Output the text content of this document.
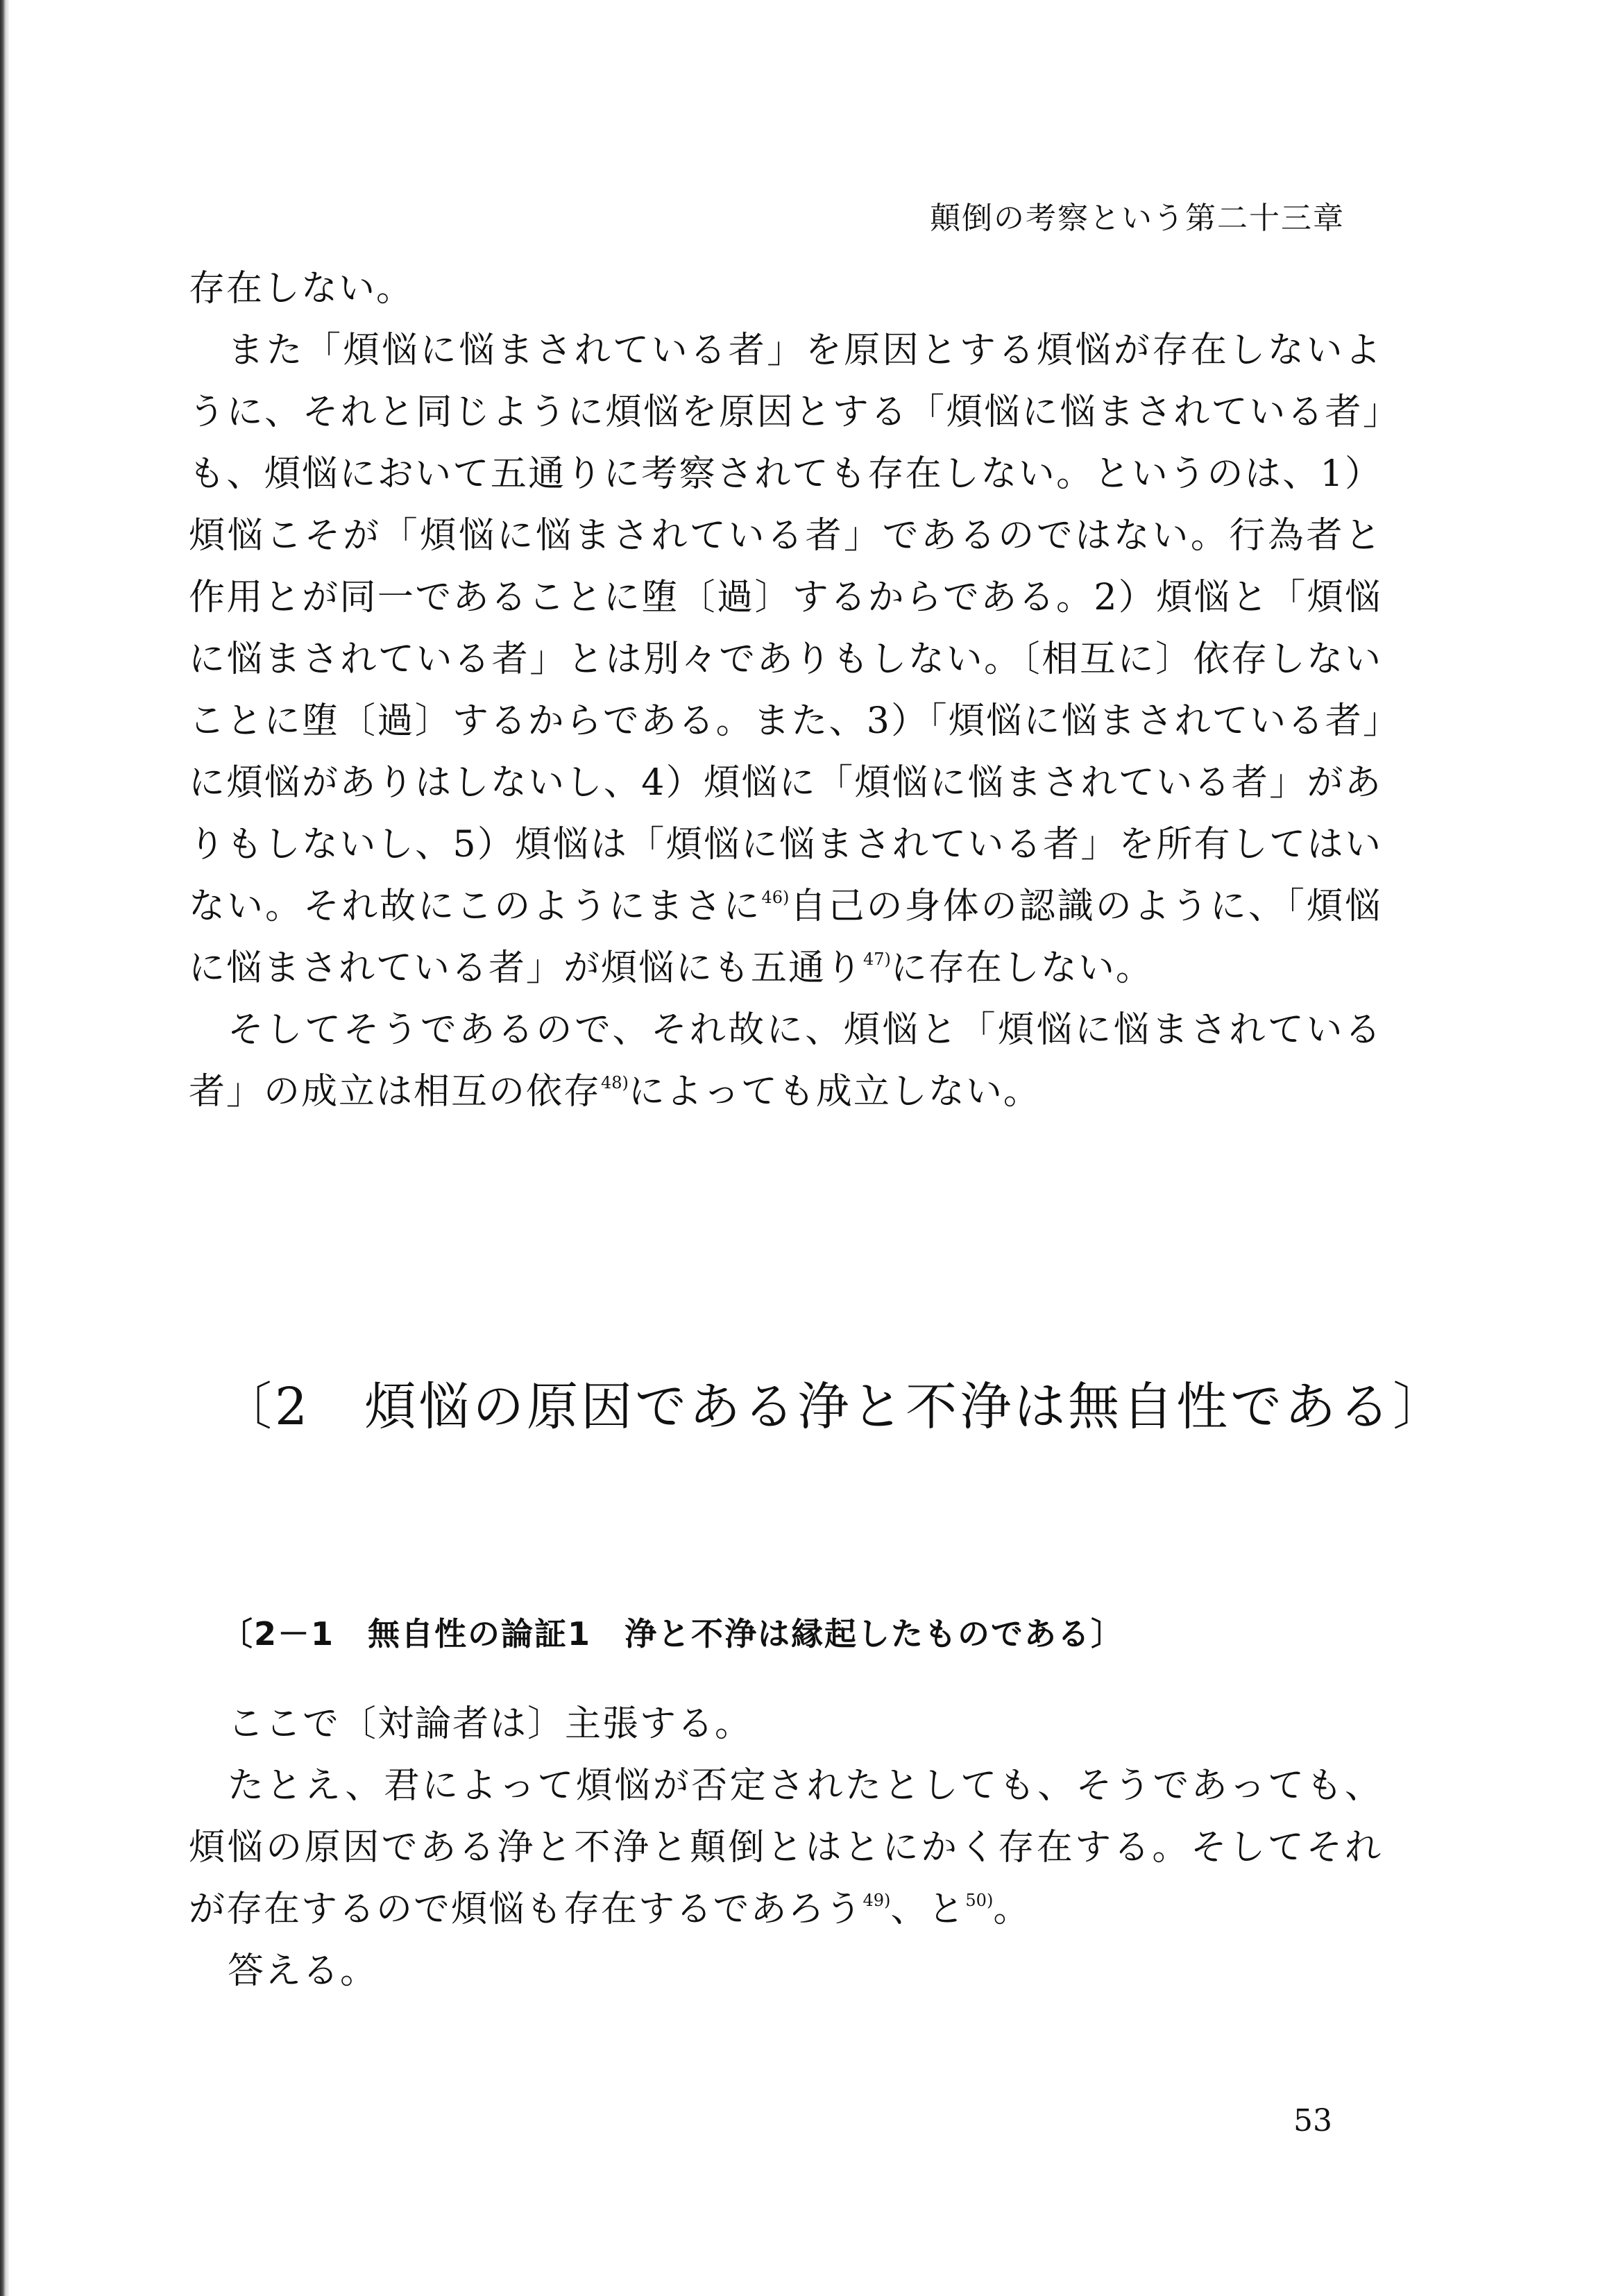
顛倒の考察という第二十三章

存在しない。

また「煩悩に悩まされている者」を原因とする煩悩が存在しないように、それと同じように煩悩を原因とする「煩悩に悩まされている者」も、煩悩において五通りに考察されても存在しない。というのは、1）煩悩こそが「煩悩に悩まされている者」であるのではない。行為者と作用とが同一であることに堕〔過〕するからである。2）煩悩と「煩悩に悩まされている者」とは別々でありもしない。〔相互に〕依存しないことに堕〔過〕するからである。また、3）「煩悩に悩まされている者」に煩悩がありはしないし、4）煩悩に「煩悩に悩まされている者」がありもしないし、5）煩悩は「煩悩に悩まされている者」を所有してはいない。それ故にこのようにまさに$^{46)}$自己の身体の認識のように、「煩悩に悩まされている者」が煩悩にも五通り$^{47)}$に存在しない。

そしてそうであるので、それ故に、煩悩と「煩悩に悩まされている者」の成立は相互の依存$^{48)}$によっても成立しない。

〔2　煩悩の原因である浄と不浄は無自性である〕
〔2－1　無自性の論証1　浄と不浄は縁起したものである〕

ここで〔対論者は〕主張する。

たとえ、君によって煩悩が否定されたとしても、そうであっても、煩悩の原因である浄と不浄と顛倒とはとにかく存在する。そしてそれが存在するので煩悩も存在するであろう$^{49)}$、と$^{50)}$。

答える。

53
